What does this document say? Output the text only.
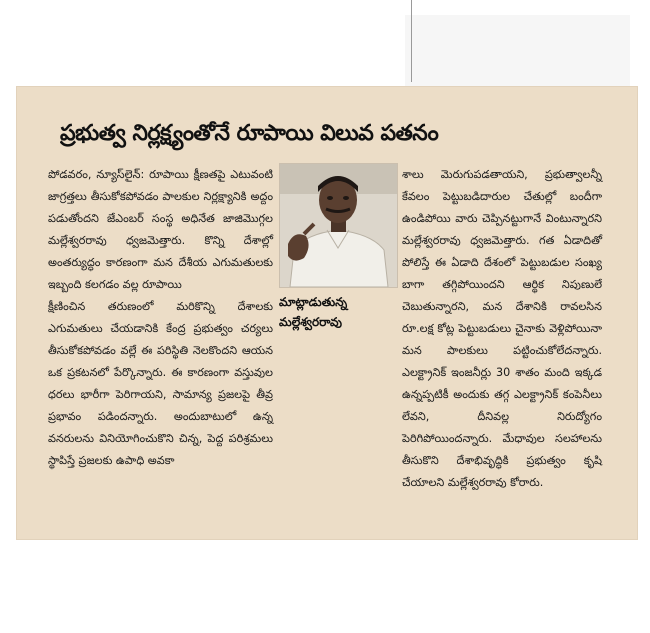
ప్రభుత్వ నిర్లక్ష్యంతోనే రూపాయి విలువ పతనం

పోడవరం, న్యూస్‌లైన్: రూపాయి క్షీణతపై ఎటువంటి జాగ్రత్తలు తీసుకోకపోవడం పాలకుల నిర్లక్ష్యానికి అద్దం పడుతోందని జేఎంబర్ సంస్థ అధినేత జాజిమొగ్గల మల్లేశ్వరరావు ధ్వజమెత్తారు. కొన్ని దేశాల్లో అంతర్యుద్ధం కారణంగా మన దేశీయ ఎగుమతులకు ఇబ్బంది కలగడం వల్ల రూపాయి

క్షీణించిన తరుణంలో మరికొన్ని దేశాలకు ఎగుమతులు చేయడానికి కేంద్ర ప్రభుత్వం చర్యలు తీసుకోకపోవడం వల్లే ఈ పరిస్థితి నెలకొందని ఆయన ఒక ప్రకటనలో పేర్కొన్నారు. ఈ కారణంగా వస్తువుల ధరలు భారీగా పెరిగాయని, సామాన్య ప్రజలపై తీవ్ర ప్రభావం పడిందన్నారు. అందుబాటులో ఉన్న వనరులను వినియోగించుకొని చిన్న, పెద్ద పరిశ్రమలు స్థాపిస్తే ప్రజలకు ఉపాధి అవకా

మాట్లాడుతున్న మల్లేశ్వరరావు

శాలు మెరుగుపడతాయని, ప్రభుత్వాలన్నీ కేవలం పెట్టుబడిదారుల చేతుల్లో బందీగా ఉండిపోయి వారు చెప్పినట్టుగానే వింటున్నారని మల్లేశ్వరరావు ధ్వజమెత్తారు. గత ఏడాదితో పోలిస్తే ఈ ఏడాది దేశంలో పెట్టుబడుల సంఖ్య బాగా తగ్గిపోయిందని ఆర్థిక నిపుణులే చెబుతున్నారని, మన దేశానికి రావలసిన రూ.లక్ష కోట్ల పెట్టుబడులు చైనాకు వెళ్లిపోయినా మన పాలకులు పట్టించుకోలేదన్నారు. ఎలక్ట్రానిక్ ఇంజనీర్లు 30 శాతం మంది ఇక్కడ ఉన్నప్పటికీ అందుకు తగ్గ ఎలక్ట్రానిక్ కంపెనీలు లేవని, దీనివల్ల నిరుద్యోగం పెరిగిపోయిందన్నారు. మేధావుల సలహాలను తీసుకొని దేశాభివృద్ధికి ప్రభుత్వం కృషి చేయాలని మల్లేశ్వరరావు కోరారు.
